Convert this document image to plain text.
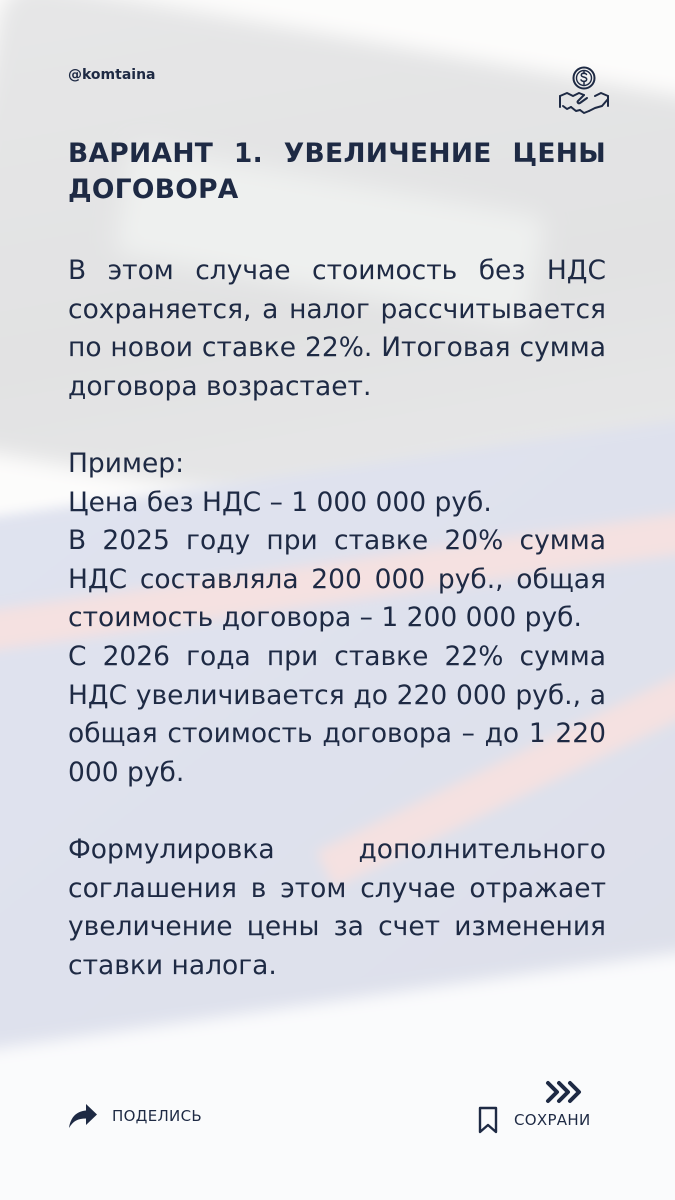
@komtaina
ВАРИАНТ 1. УВЕЛИЧЕНИЕ ЦЕНЫ
ДОГОВОРА

В этом случае стоимость без НДС сохраняется, а налог рассчитывается по новои ставке 22%. Итоговая сумма договора возрастает.

Пример:

Цена без НДС – 1 000 000 руб.

В 2025 году при ставке 20% сумма НДС составляла 200 000 руб., общая стоимость договора – 1 200 000 руб.

С 2026 года при ставке 22% сумма НДС увеличивается до 220 000 руб., а общая стоимость договора – до 1 220 000 руб.

Формулировка дополнительного соглашения в этом случае отражает увеличение цены за счет изменения ставки налога.

ПОДЕЛИСЬ	СОХРАНИ
